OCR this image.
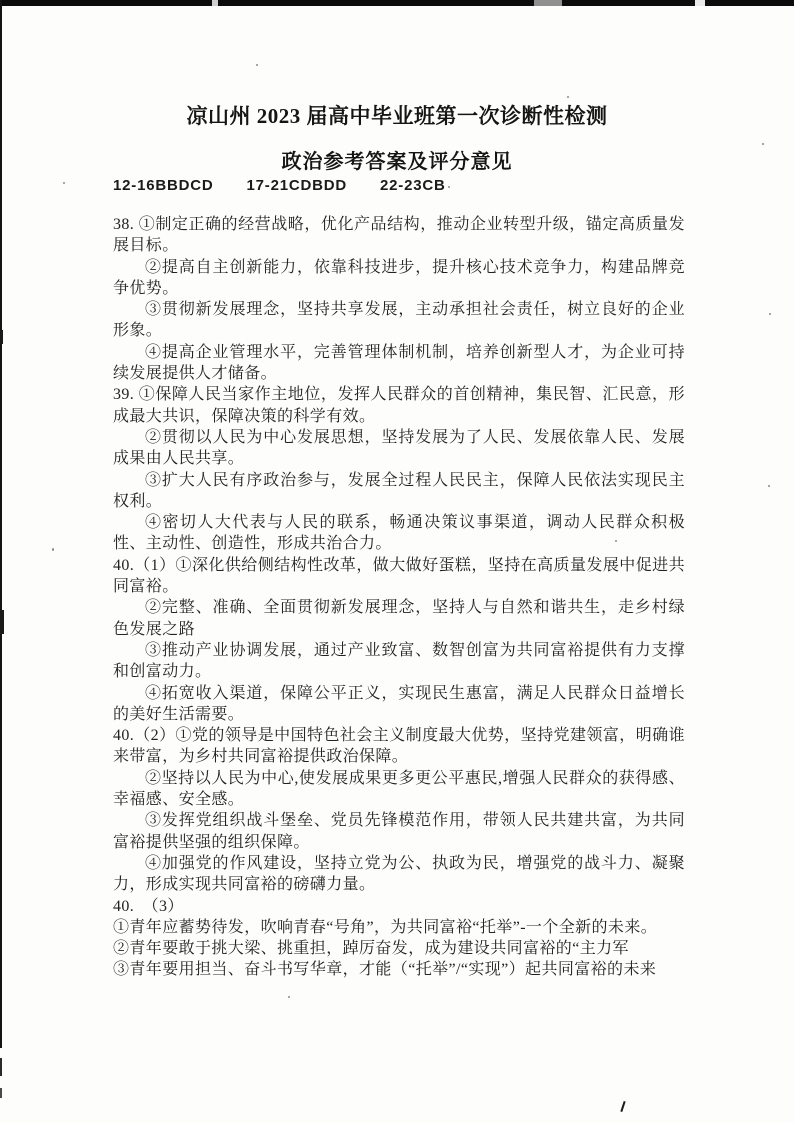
凉山州 2023 届高中毕业班第一次诊断性检测
政治参考答案及评分意见
12-16BBDCD 17-21CDBDD 22-23CB

38. ①制定正确的经营战略，优化产品结构，推动企业转型升级，锚定高质量发展目标。

②提高自主创新能力，依靠科技进步，提升核心技术竞争力，构建品牌竞争优势。

③贯彻新发展理念，坚持共享发展，主动承担社会责任，树立良好的企业形象。

④提高企业管理水平，完善管理体制机制，培养创新型人才，为企业可持续发展提供人才储备。

39. ①保障人民当家作主地位，发挥人民群众的首创精神，集民智、汇民意，形成最大共识，保障决策的科学有效。

②贯彻以人民为中心发展思想，坚持发展为了人民、发展依靠人民、发展成果由人民共享。

③扩大人民有序政治参与，发展全过程人民民主，保障人民依法实现民主权利。

④密切人大代表与人民的联系，畅通决策议事渠道，调动人民群众积极性、主动性、创造性，形成共治合力。

40.（1）①深化供给侧结构性改革，做大做好蛋糕，坚持在高质量发展中促进共同富裕。

②完整、准确、全面贯彻新发展理念，坚持人与自然和谐共生，走乡村绿色发展之路

③推动产业协调发展，通过产业致富、数智创富为共同富裕提供有力支撑和创富动力。

④拓宽收入渠道，保障公平正义，实现民生惠富，满足人民群众日益增长的美好生活需要。

40.（2）①党的领导是中国特色社会主义制度最大优势，坚持党建领富，明确谁来带富，为乡村共同富裕提供政治保障。

②坚持以人民为中心,使发展成果更多更公平惠民,增强人民群众的获得感、幸福感、安全感。

③发挥党组织战斗堡垒、党员先锋模范作用，带领人民共建共富，为共同富裕提供坚强的组织保障。

④加强党的作风建设，坚持立党为公、执政为民，增强党的战斗力、凝聚力，形成实现共同富裕的磅礴力量。

40.　（3）

①青年应蓄势待发，吹响青春“号角”，为共同富裕“托举”-一个全新的未来。

②青年要敢于挑大梁、挑重担，踔厉奋发，成为建设共同富裕的“主力军

③青年要用担当、奋斗书写华章，才能（“托举”/“实现”）起共同富裕的未来
